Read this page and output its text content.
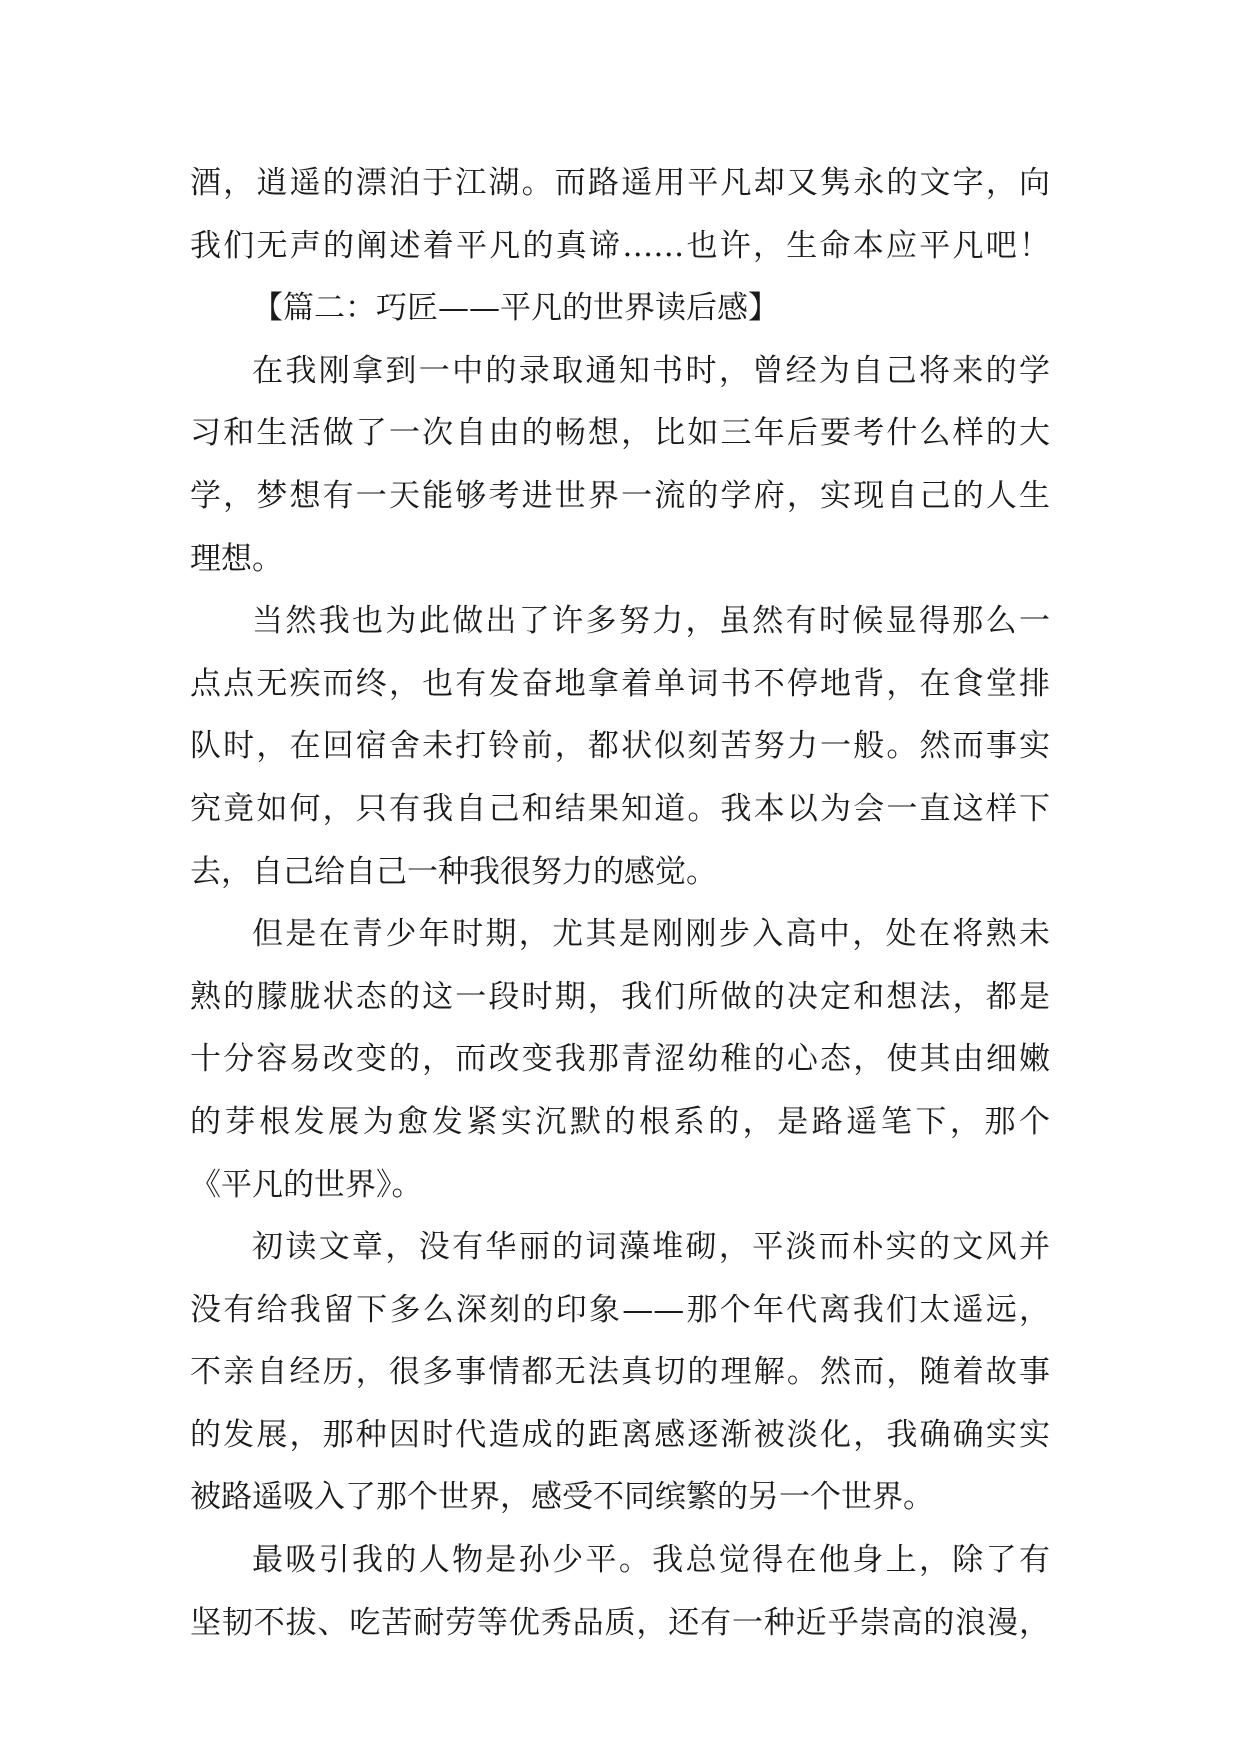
酒，逍遥的漂泊于江湖。而路遥用平凡却又隽永的文字，向
我们无声的阐述着平凡的真谛……也许，生命本应平凡吧！
【篇二：巧匠——平凡的世界读后感】
在我刚拿到一中的录取通知书时，曾经为自己将来的学
习和生活做了一次自由的畅想，比如三年后要考什么样的大
学，梦想有一天能够考进世界一流的学府，实现自己的人生
理想。
当然我也为此做出了许多努力，虽然有时候显得那么一
点点无疾而终，也有发奋地拿着单词书不停地背，在食堂排
队时，在回宿舍未打铃前，都状似刻苦努力一般。然而事实
究竟如何，只有我自己和结果知道。我本以为会一直这样下
去，自己给自己一种我很努力的感觉。
但是在青少年时期，尤其是刚刚步入高中，处在将熟未
熟的朦胧状态的这一段时期，我们所做的决定和想法，都是
十分容易改变的，而改变我那青涩幼稚的心态，使其由细嫩
的芽根发展为愈发紧实沉默的根系的，是路遥笔下，那个
《平凡的世界》。
初读文章，没有华丽的词藻堆砌，平淡而朴实的文风并
没有给我留下多么深刻的印象——那个年代离我们太遥远，
不亲自经历，很多事情都无法真切的理解。然而，随着故事
的发展，那种因时代造成的距离感逐渐被淡化，我确确实实
被路遥吸入了那个世界，感受不同缤繁的另一个世界。
最吸引我的人物是孙少平。我总觉得在他身上，除了有
坚韧不拔、吃苦耐劳等优秀品质，还有一种近乎崇高的浪漫，
